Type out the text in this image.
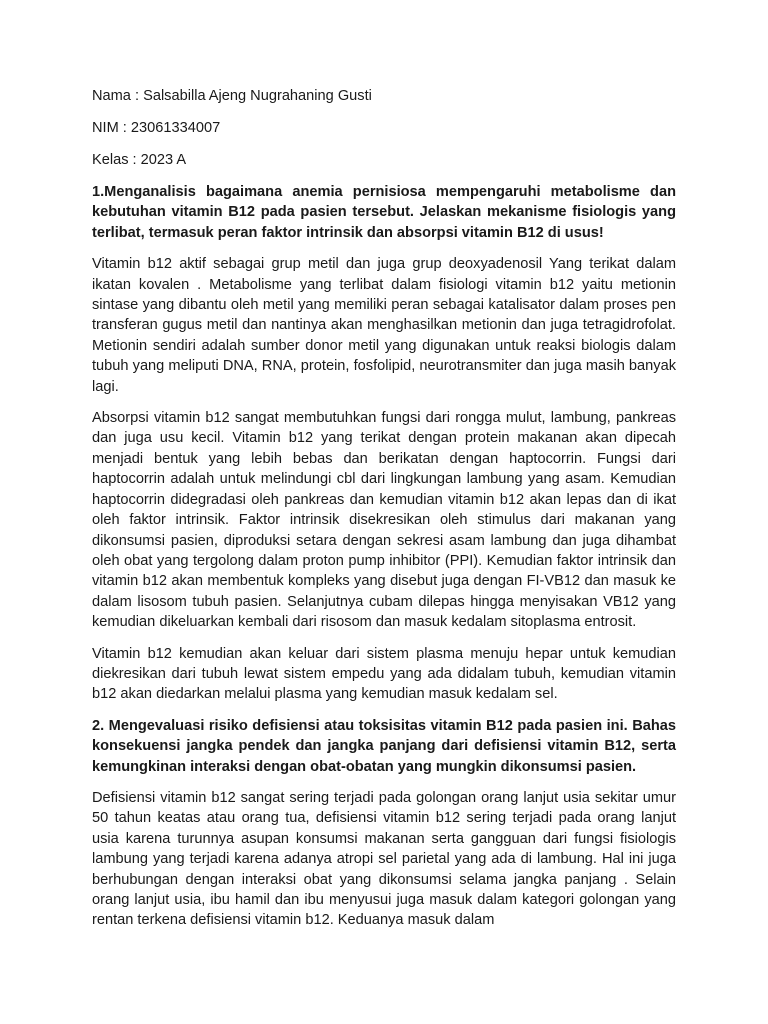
Nama : Salsabilla Ajeng Nugrahaning Gusti
NIM : 23061334007
Kelas : 2023 A
1.Menganalisis bagaimana anemia pernisiosa mempengaruhi metabolisme dan kebutuhan vitamin B12 pada pasien tersebut. Jelaskan mekanisme fisiologis yang terlibat, termasuk peran faktor intrinsik dan absorpsi vitamin B12 di usus!

Vitamin b12 aktif sebagai grup metil dan juga grup deoxyadenosil Yang terikat dalam ikatan kovalen . Metabolisme yang terlibat dalam fisiologi vitamin b12 yaitu metionin sintase yang dibantu oleh metil yang memiliki peran sebagai katalisator dalam proses pen transferan gugus metil dan nantinya akan menghasilkan metionin dan juga tetragidrofolat. Metionin sendiri adalah sumber donor metil yang digunakan untuk reaksi biologis dalam tubuh yang meliputi DNA, RNA, protein, fosfolipid, neurotransmiter dan juga masih banyak lagi.

Absorpsi vitamin b12 sangat membutuhkan fungsi dari rongga mulut, lambung, pankreas dan juga usu kecil. Vitamin b12 yang terikat dengan protein makanan akan dipecah menjadi bentuk yang lebih bebas dan berikatan dengan haptocorrin. Fungsi dari haptocorrin adalah untuk melindungi cbl dari lingkungan lambung yang asam. Kemudian haptocorrin didegradasi oleh pankreas dan kemudian vitamin b12 akan lepas dan di ikat oleh faktor intrinsik. Faktor intrinsik disekresikan oleh stimulus dari makanan yang dikonsumsi pasien, diproduksi setara dengan sekresi asam lambung dan juga dihambat oleh obat yang tergolong dalam proton pump inhibitor (PPI). Kemudian faktor intrinsik dan vitamin b12 akan membentuk kompleks yang disebut juga dengan FI-VB12 dan masuk ke dalam lisosom tubuh pasien. Selanjutnya cubam dilepas hingga menyisakan VB12 yang kemudian dikeluarkan kembali dari risosom dan masuk kedalam sitoplasma entrosit.

Vitamin b12 kemudian akan keluar dari sistem plasma menuju hepar untuk kemudian diekresikan dari tubuh lewat sistem empedu yang ada didalam tubuh, kemudian vitamin b12 akan diedarkan melalui plasma yang kemudian masuk kedalam sel.

2. Mengevaluasi risiko defisiensi atau toksisitas vitamin B12 pada pasien ini. Bahas konsekuensi jangka pendek dan jangka panjang dari defisiensi vitamin B12, serta kemungkinan interaksi dengan obat-obatan yang mungkin dikonsumsi pasien.

Defisiensi vitamin b12 sangat sering terjadi pada golongan orang lanjut usia sekitar umur 50 tahun keatas atau orang tua, defisiensi vitamin b12 sering terjadi pada orang lanjut usia karena turunnya asupan konsumsi makanan serta gangguan dari fungsi fisiologis lambung yang terjadi karena adanya atropi sel parietal yang ada di lambung. Hal ini juga berhubungan dengan interaksi obat yang dikonsumsi selama jangka panjang . Selain orang lanjut usia, ibu hamil dan ibu menyusui juga masuk dalam kategori golongan yang rentan terkena defisiensi vitamin b12. Keduanya masuk dalam
